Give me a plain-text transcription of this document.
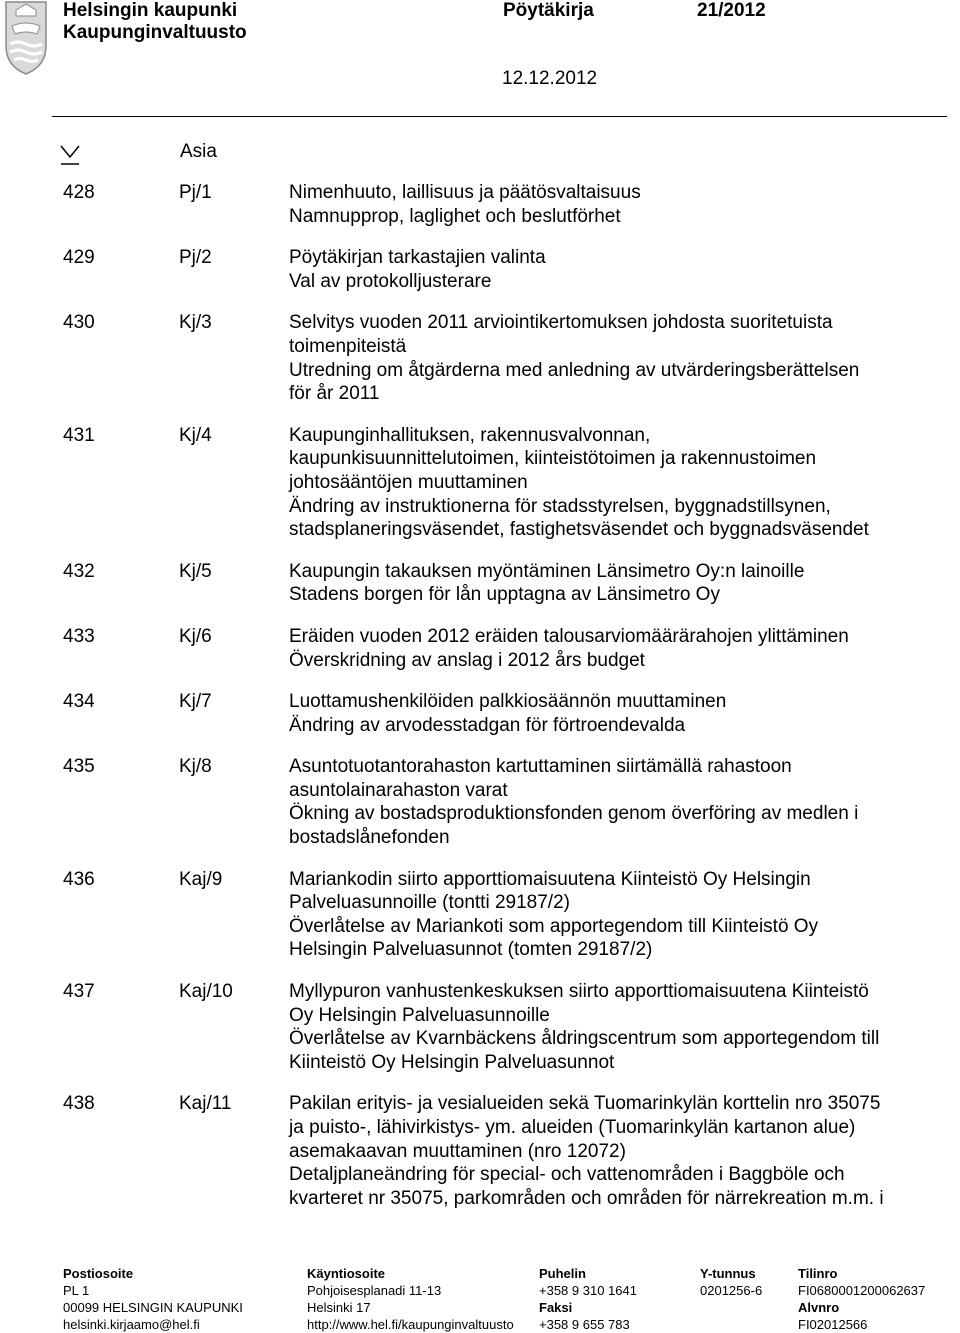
Helsingin kaupunki
Kaupunginvaltuusto
Pöytäkirja	21/2012
12.12.2012
Asia
428	Pj/1	Nimenhuuto, laillisuus ja päätösvaltaisuus
Namnupprop, laglighet och beslutförhet
429	Pj/2	Pöytäkirjan tarkastajien valinta
Val av protokolljusterare
430	Kj/3	Selvitys vuoden 2011 arviointikertomuksen johdosta suoritetuista
toimenpiteistä
Utredning om åtgärderna med anledning av utvärderingsberättelsen
för år 2011
431	Kj/4	Kaupunginhallituksen, rakennusvalvonnan,
kaupunkisuunnittelutoimen, kiinteistötoimen ja rakennustoimen
johtosääntöjen muuttaminen
Ändring av instruktionerna för stadsstyrelsen, byggnadstillsynen,
stadsplaneringsväsendet, fastighetsväsendet och byggnadsväsendet
432	Kj/5	Kaupungin takauksen myöntäminen Länsimetro Oy:n lainoille
Stadens borgen för lån upptagna av Länsimetro Oy
433	Kj/6	Eräiden vuoden 2012 eräiden talousarviomäärärahojen ylittäminen
Överskridning av anslag i 2012 års budget
434	Kj/7	Luottamushenkilöiden palkkiosäännön muuttaminen
Ändring av arvodesstadgan för förtroendevalda
435	Kj/8	Asuntotuotantorahaston kartuttaminen siirtämällä rahastoon
asuntolainarahaston varat
Ökning av bostadsproduktionsfonden genom överföring av medlen i
bostadslånefonden
436	Kaj/9	Mariankodin siirto apporttiomaisuutena Kiinteistö Oy Helsingin
Palveluasunnoille (tontti 29187/2)
Överlåtelse av Mariankoti som apportegendom till Kiinteistö Oy
Helsingin Palveluasunnot (tomten 29187/2)
437	Kaj/10	Myllypuron vanhustenkeskuksen siirto apporttiomaisuutena Kiinteistö
Oy Helsingin Palveluasunnoille
Överlåtelse av Kvarnbäckens åldringscentrum som apportegendom till
Kiinteistö Oy Helsingin Palveluasunnot
438	Kaj/11	Pakilan erityis- ja vesialueiden sekä Tuomarinkylän korttelin nro 35075
ja puisto-, lähivirkistys- ym. alueiden (Tuomarinkylän kartanon alue)
asemakaavan muuttaminen (nro 12072)
Detaljplaneändring för special- och vattenområden i Baggböle och
kvarteret nr 35075, parkområden och områden för närrekreation m.m. i
Postiosoite
PL 1
00099 HELSINGIN KAUPUNKI
helsinki.kirjaamo@hel.fi
Käyntiosoite
Pohjoisesplanadi 11-13
Helsinki 17
http://www.hel.fi/kaupunginvaltuusto
Puhelin
+358 9 310 1641
Faksi
+358 9 655 783
Y-tunnus
0201256-6
Tilinro
FI0680001200062637
Alvnro
FI02012566
